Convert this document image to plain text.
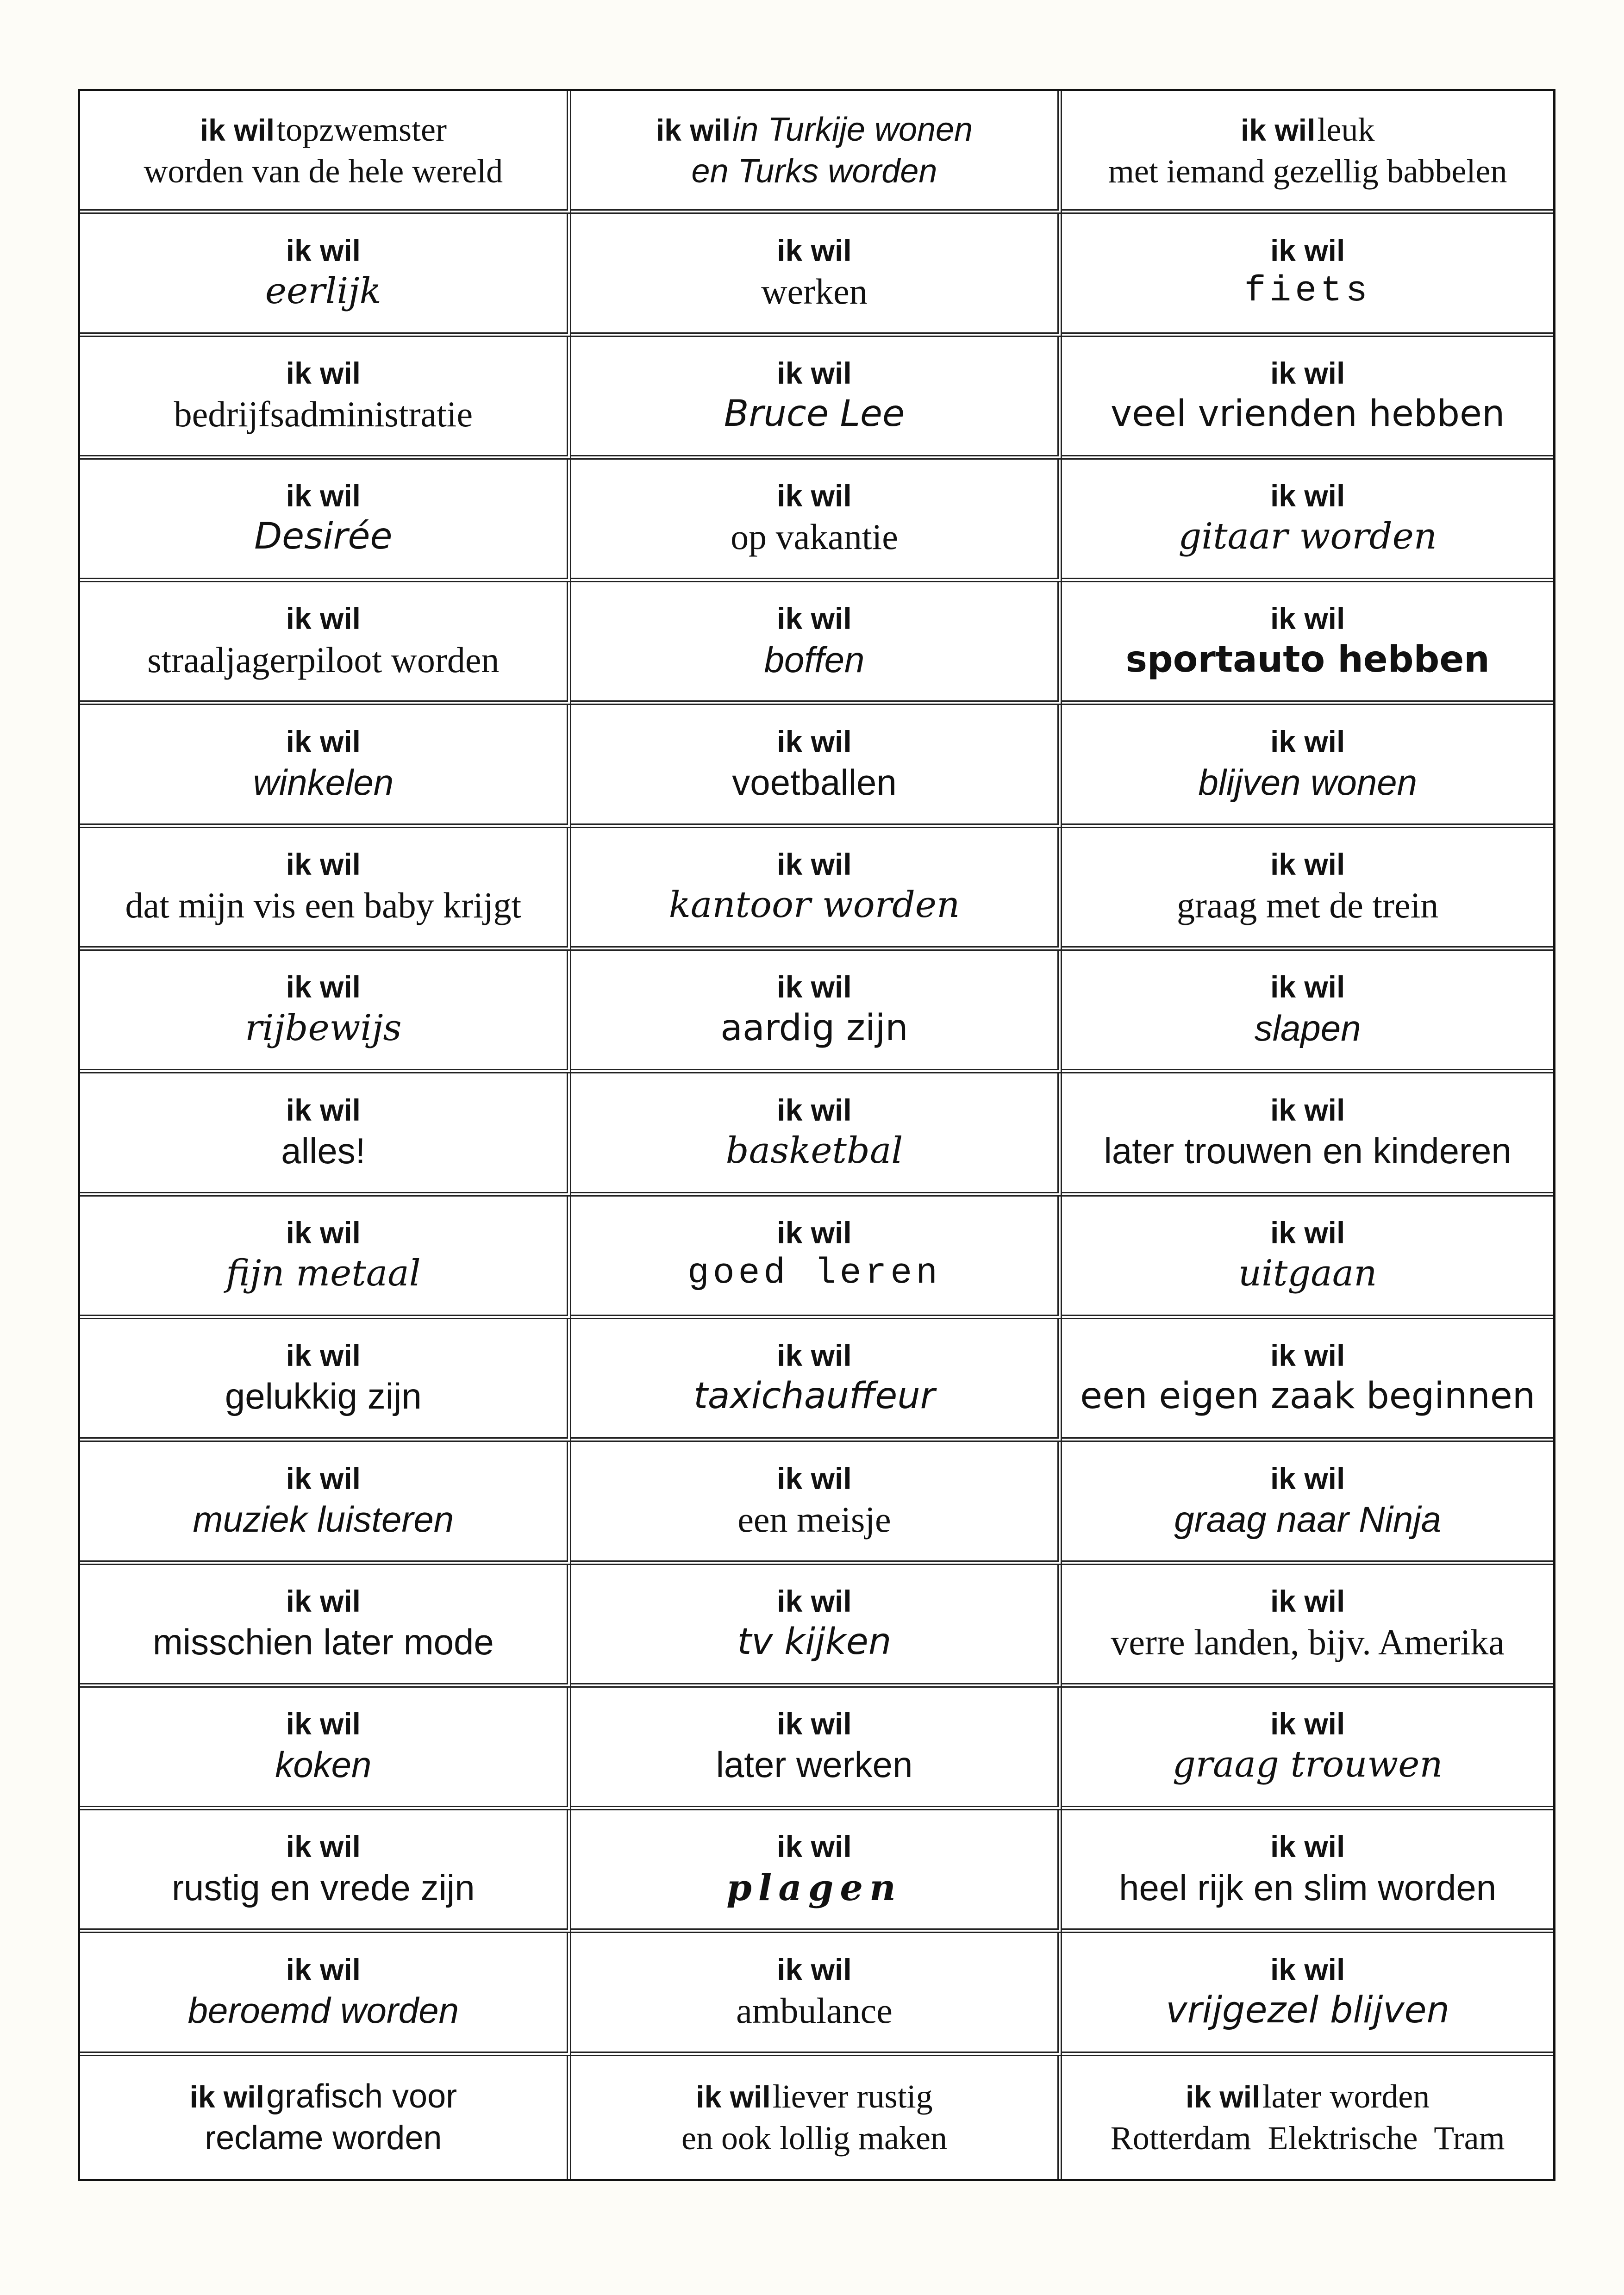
ik wil topzwemster
worden van de hele wereld
ik wil in Turkije wonen
en Turks worden
ik wil leuk
met iemand gezellig babbelen
ik wil
eerlijk
ik wil
werken
ik wil
fiets
ik wil
bedrijfsadministratie
ik wil
Bruce Lee
ik wil
veel vrienden hebben
ik wil
Desirée
ik wil
op vakantie
ik wil
gitaar worden
ik wil
straaljagerpiloot worden
ik wil
boffen
ik wil
sportauto hebben
ik wil
winkelen
ik wil
voetballen
ik wil
blijven wonen
ik wil
dat mijn vis een baby krijgt
ik wil
kantoor worden
ik wil
graag met de trein
ik wil
rijbewijs
ik wil
aardig zijn
ik wil
slapen
ik wil
alles!
ik wil
basketbal
ik wil
later trouwen en kinderen
ik wil
fijn metaal
ik wil
goed leren
ik wil
uitgaan
ik wil
gelukkig zijn
ik wil
taxichauffeur
ik wil
een eigen zaak beginnen
ik wil
muziek luisteren
ik wil
een meisje
ik wil
graag naar Ninja
ik wil
misschien later mode
ik wil
tv kijken
ik wil
verre landen, bijv. Amerika
ik wil
koken
ik wil
later werken
ik wil
graag trouwen
ik wil
rustig en vrede zijn
ik wil
plagen
ik wil
heel rijk en slim worden
ik wil
beroemd worden
ik wil
ambulance
ik wil
vrijgezel blijven
ik wil grafisch voor
reclame worden
ik wil liever rustig
en ook lollig maken
ik wil later worden
Rotterdam  Elektrische  Tram
